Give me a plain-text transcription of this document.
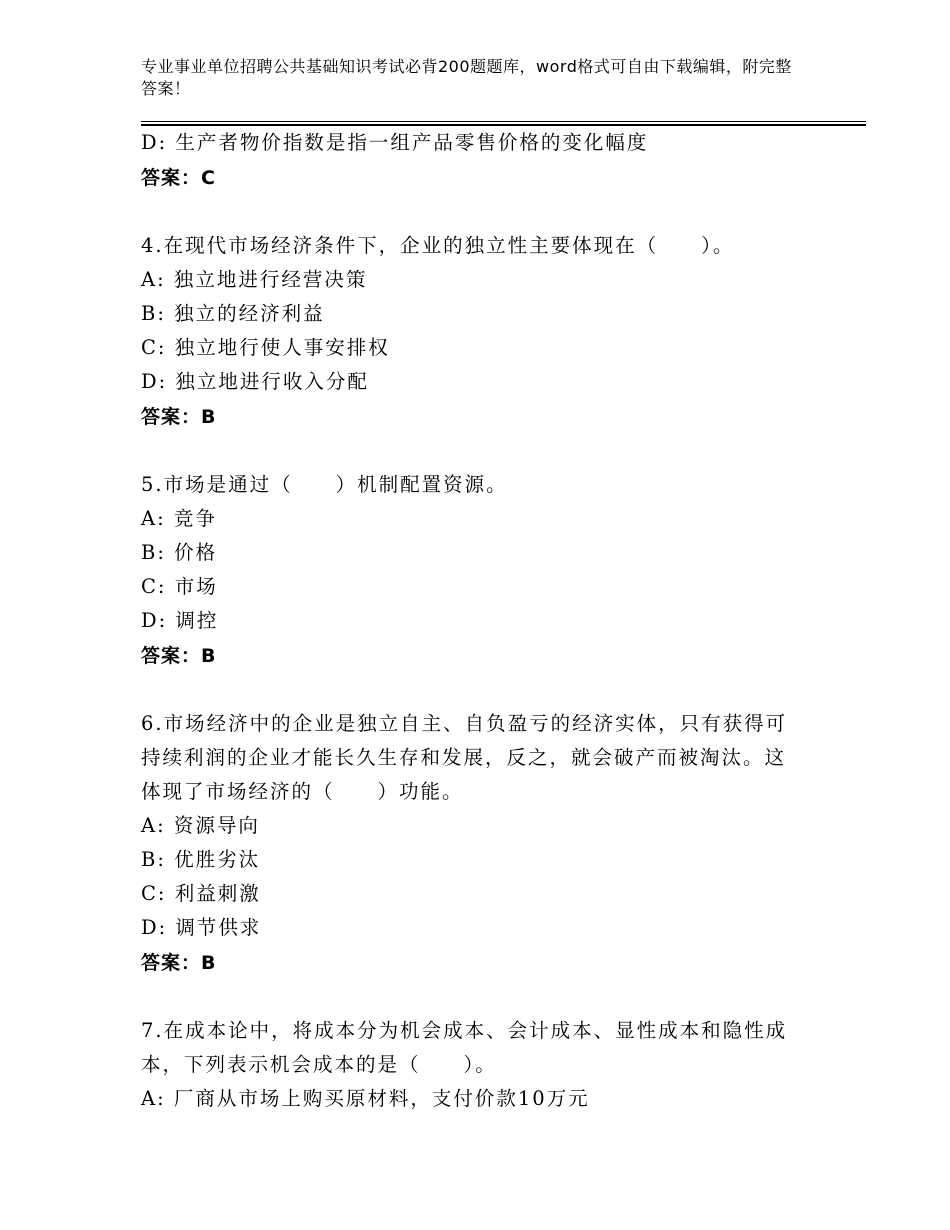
专业事业单位招聘公共基础知识考试必背200题题库，word格式可自由下载编辑，附完整答案！
D: 生产者物价指数是指一组产品零售价格的变化幅度
答案：C
4.在现代市场经济条件下，企业的独立性主要体现在（　　）。
A: 独立地进行经营决策
B: 独立的经济利益
C: 独立地行使人事安排权
D: 独立地进行收入分配
答案：B
5.市场是通过（　　）机制配置资源。
A: 竞争
B: 价格
C: 市场
D: 调控
答案：B
6.市场经济中的企业是独立自主、自负盈亏的经济实体，只有获得可
持续利润的企业才能长久生存和发展，反之，就会破产而被淘汰。这
体现了市场经济的（　　）功能。
A: 资源导向
B: 优胜劣汰
C: 利益刺激
D: 调节供求
答案：B
7.在成本论中，将成本分为机会成本、会计成本、显性成本和隐性成
本，下列表示机会成本的是（　　）。
A: 厂商从市场上购买原材料，支付价款10万元
